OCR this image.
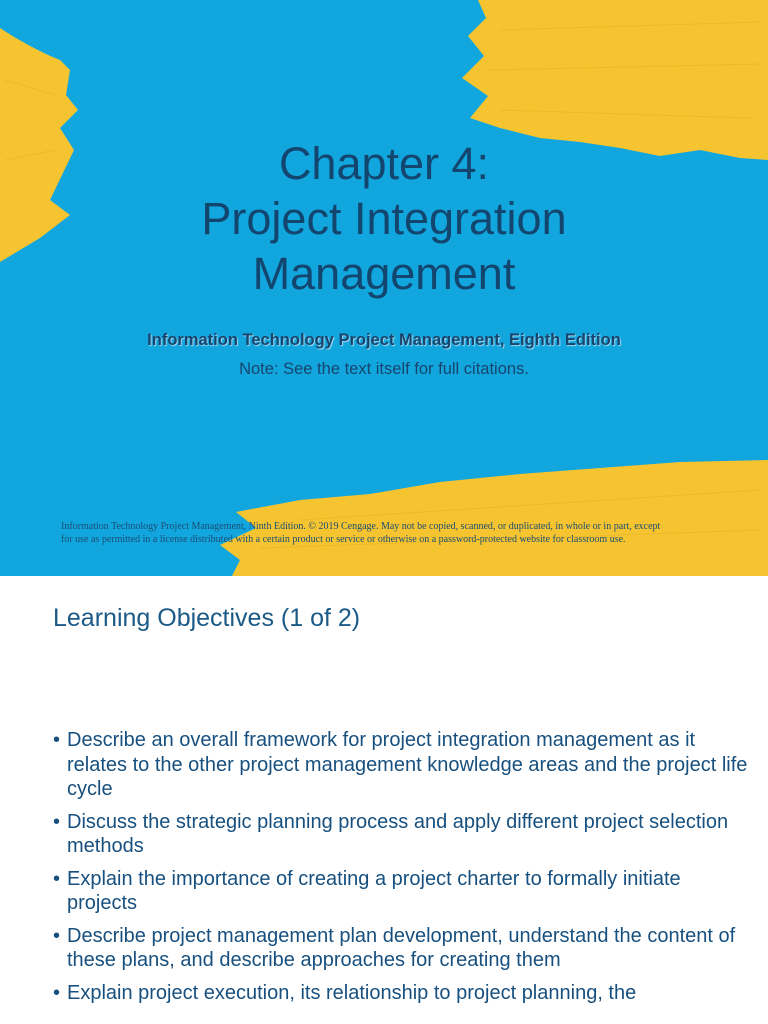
Chapter 4:
Project Integration
Management
Information Technology Project Management, Eighth Edition
Note: See the text itself for full citations.
Information Technology Project Management, Ninth Edition. © 2019 Cengage. May not be copied, scanned, or duplicated, in whole or in part, except
for use as permitted in a license distributed with a certain product or service or otherwise on a password-protected website for classroom use.
Learning Objectives (1 of 2)
• Describe an overall framework for project integration management as it relates to the other project management knowledge areas and the project life cycle
• Discuss the strategic planning process and apply different project selection methods
• Explain the importance of creating a project charter to formally initiate projects
• Describe project management plan development, understand the content of these plans, and describe approaches for creating them
• Explain project execution, its relationship to project planning, the
